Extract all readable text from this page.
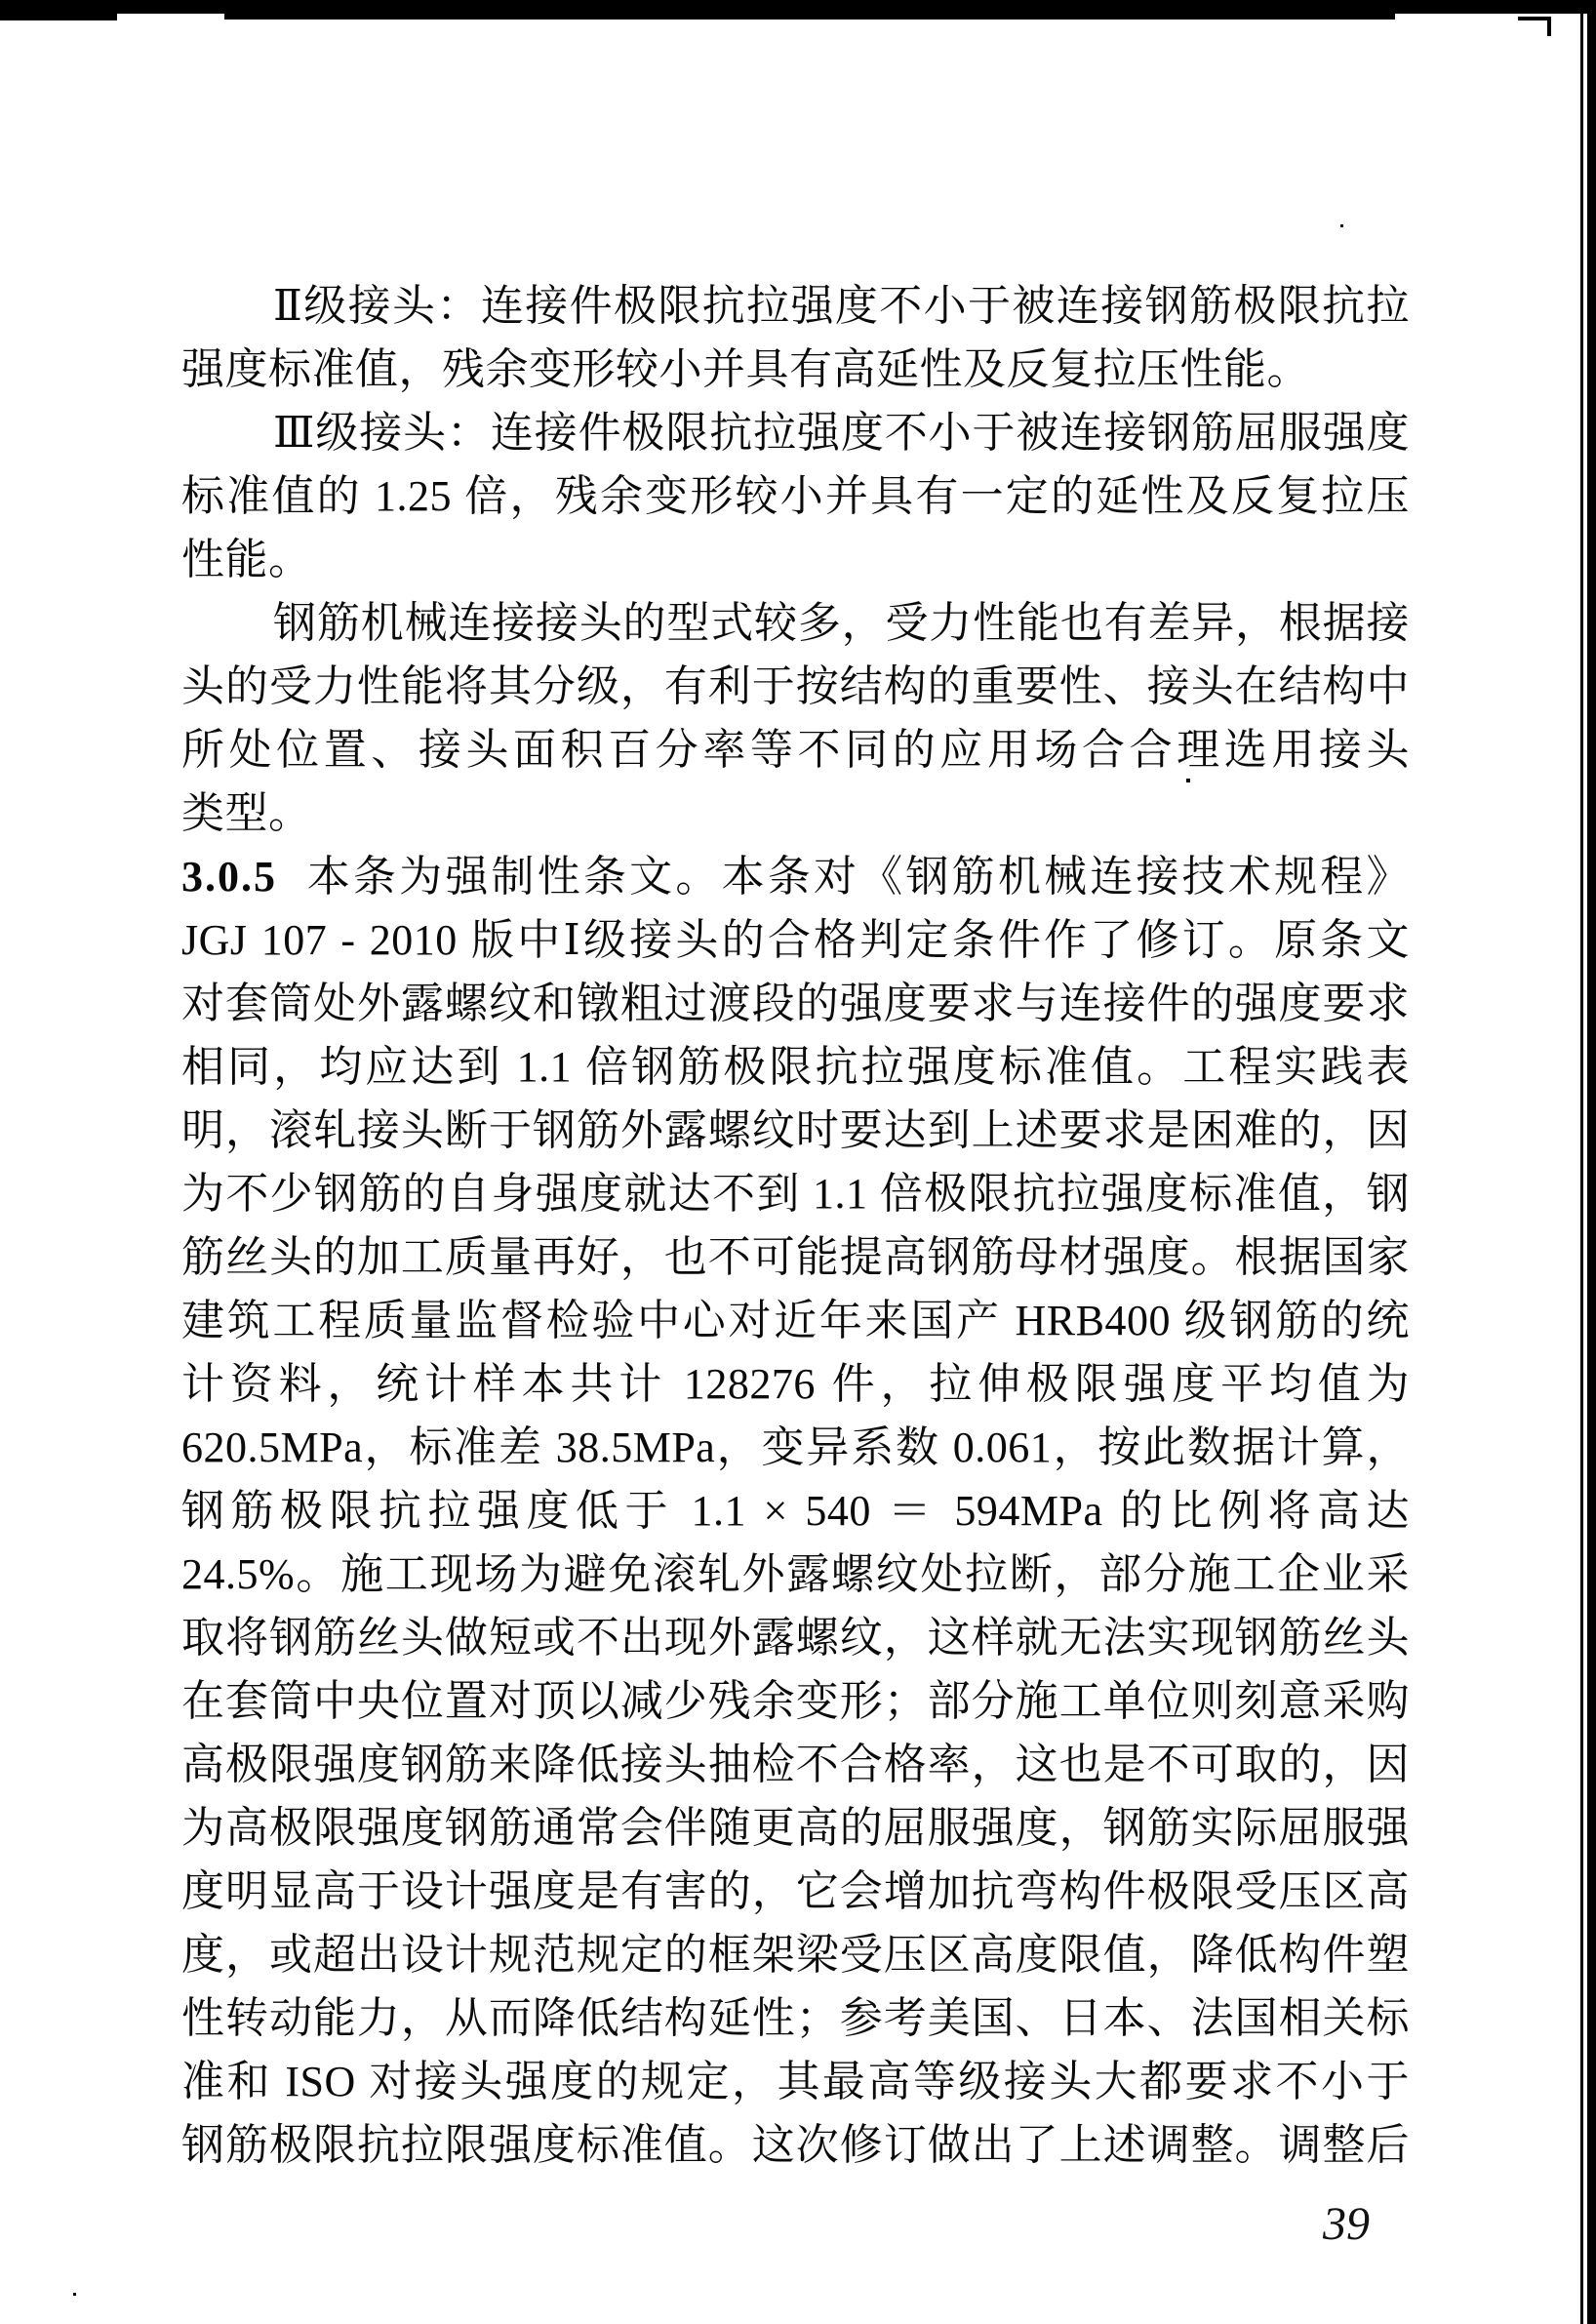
Ⅱ级接头：连接件极限抗拉强度不小于被连接钢筋极限抗拉
强度标准值，残余变形较小并具有高延性及反复拉压性能。
Ⅲ级接头：连接件极限抗拉强度不小于被连接钢筋屈服强度
标准值的 1.25 倍，残余变形较小并具有一定的延性及反复拉压
性能。
钢筋机械连接接头的型式较多，受力性能也有差异，根据接
头的受力性能将其分级，有利于按结构的重要性、接头在结构中
所处位置、接头面积百分率等不同的应用场合合理选用接头
类型。
3.0.5 本条为强制性条文。本条对《钢筋机械连接技术规程》
JGJ 107 - 2010 版中Ⅰ级接头的合格判定条件作了修订。原条文
对套筒处外露螺纹和镦粗过渡段的强度要求与连接件的强度要求
相同，均应达到 1.1 倍钢筋极限抗拉强度标准值。工程实践表
明，滚轧接头断于钢筋外露螺纹时要达到上述要求是困难的，因
为不少钢筋的自身强度就达不到 1.1 倍极限抗拉强度标准值，钢
筋丝头的加工质量再好，也不可能提高钢筋母材强度。根据国家
建筑工程质量监督检验中心对近年来国产 HRB400 级钢筋的统
计资料，统计样本共计 128276 件，拉伸极限强度平均值为
620.5MPa，标准差 38.5MPa，变异系数 0.061，按此数据计算，
钢筋极限抗拉强度低于 1.1 × 540 ＝ 594MPa 的比例将高达
24.5%。施工现场为避免滚轧外露螺纹处拉断，部分施工企业采
取将钢筋丝头做短或不出现外露螺纹，这样就无法实现钢筋丝头
在套筒中央位置对顶以减少残余变形；部分施工单位则刻意采购
高极限强度钢筋来降低接头抽检不合格率，这也是不可取的，因
为高极限强度钢筋通常会伴随更高的屈服强度，钢筋实际屈服强
度明显高于设计强度是有害的，它会增加抗弯构件极限受压区高
度，或超出设计规范规定的框架梁受压区高度限值，降低构件塑
性转动能力，从而降低结构延性；参考美国、日本、法国相关标
准和 ISO 对接头强度的规定，其最高等级接头大都要求不小于
钢筋极限抗拉限强度标准值。这次修订做出了上述调整。调整后
39
